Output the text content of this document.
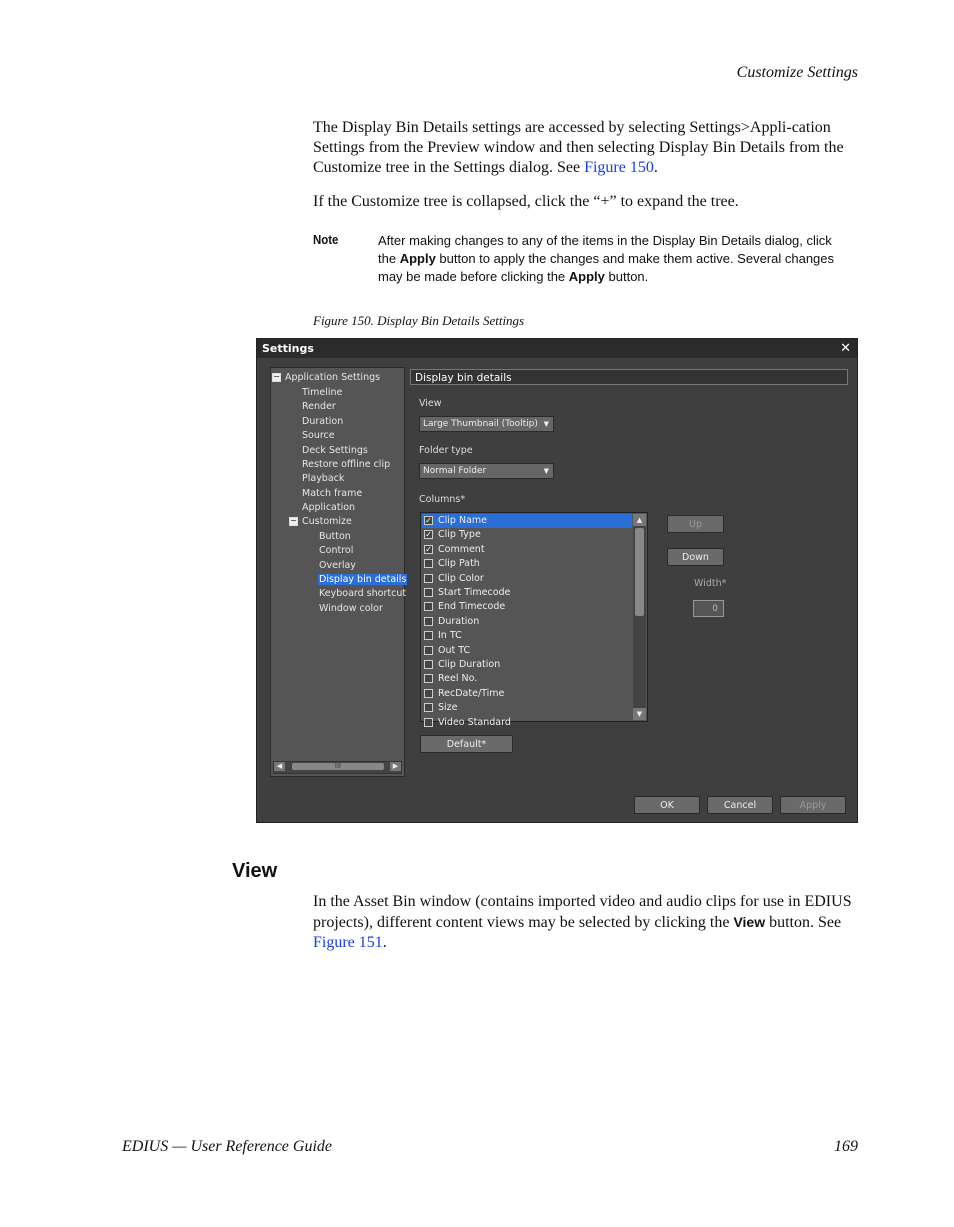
Customize Settings
The Display Bin Details settings are accessed by selecting Settings>Appli-cation Settings from the Preview window and then selecting Display Bin Details from the Customize tree in the Settings dialog. See Figure 150.
If the Customize tree is collapsed, click the “+” to expand the tree.
Note	After making changes to any of the items in the Display Bin Details dialog, click the Apply button to apply the changes and make them active. Several changes may be made before clicking the Apply button.
Figure 150. Display Bin Details Settings
Settings	✕
− Application Settings
Timeline
Render
Duration
Source
Deck Settings
Restore offline clip
Playback
Match frame
Application
− Customize
Button
Control
Overlay
Display bin details
Keyboard shortcut
Window color
◀	III	▶
Display bin details
View
Large Thumbnail (Tooltip) ▼
Folder type
Normal Folder	▼
Columns*
✓ Clip Name
✓ Clip Type
✓ Comment
Clip Path
Clip Color
Start Timecode
End Timecode
Duration
In TC
Out TC
Clip Duration
Reel No.
RecDate/Time
Size
Video Standard
▲
▼
Up
Down
Width*
0
Default*
OK	Cancel	Apply
View
In the Asset Bin window (contains imported video and audio clips for use in EDIUS projects), different content views may be selected by clicking the View button. See Figure 151.
EDIUS — User Reference Guide	169
